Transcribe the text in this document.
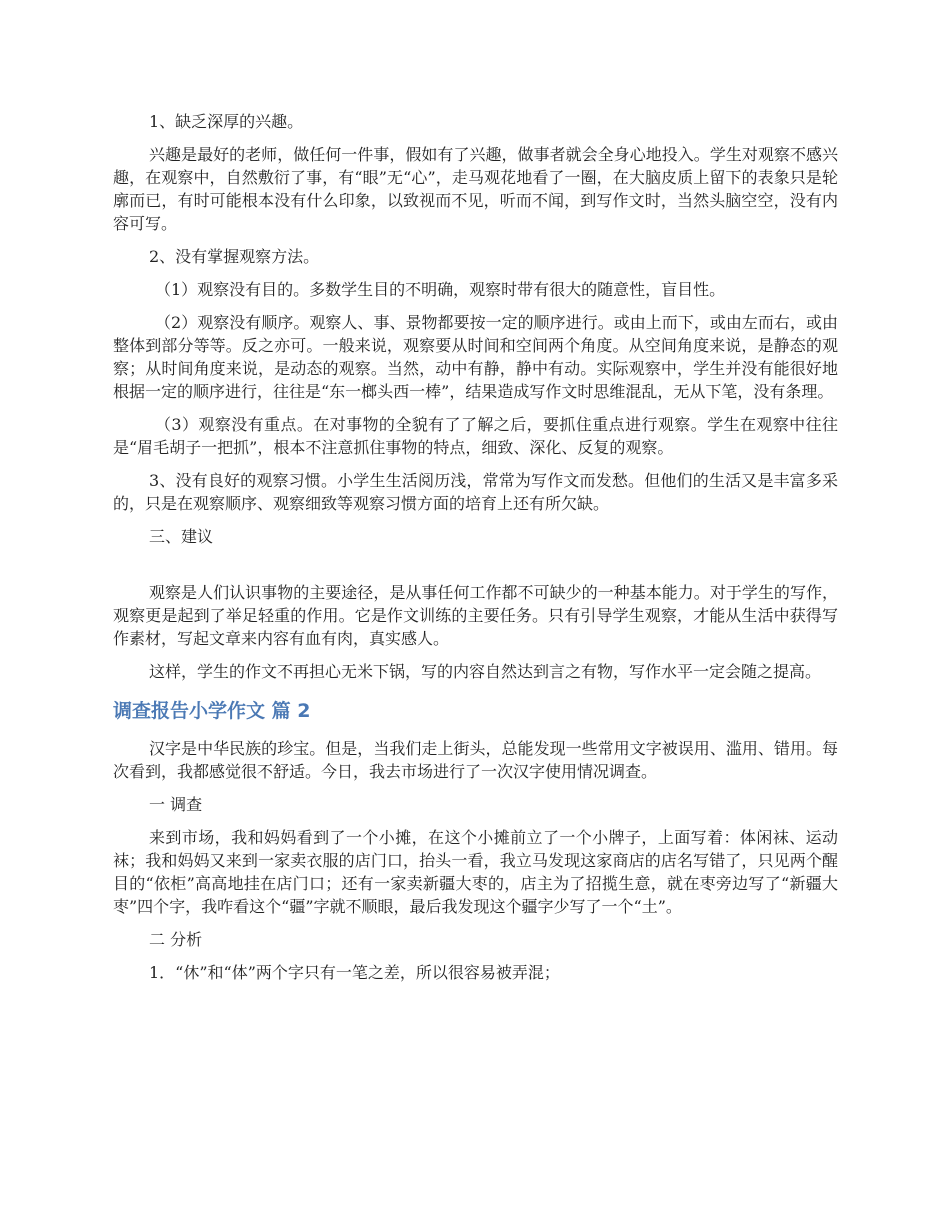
1、缺乏深厚的兴趣。

兴趣是最好的老师，做任何一件事，假如有了兴趣，做事者就会全身心地投入。学生对观察不感兴趣，在观察中，自然敷衍了事，有“眼”无“心”，走马观花地看了一圈，在大脑皮质上留下的表象只是轮廓而已，有时可能根本没有什么印象，以致视而不见，听而不闻，到写作文时，当然头脑空空，没有内容可写。

2、没有掌握观察方法。

（1）观察没有目的。多数学生目的不明确，观察时带有很大的随意性，盲目性。

（2）观察没有顺序。观察人、事、景物都要按一定的顺序进行。或由上而下，或由左而右，或由整体到部分等等。反之亦可。一般来说，观察要从时间和空间两个角度。从空间角度来说，是静态的观察；从时间角度来说，是动态的观察。当然，动中有静，静中有动。实际观察中，学生并没有能很好地根据一定的顺序进行，往往是“东一榔头西一棒”，结果造成写作文时思维混乱，无从下笔，没有条理。

（3）观察没有重点。在对事物的全貌有了了解之后，要抓住重点进行观察。学生在观察中往往是“眉毛胡子一把抓”，根本不注意抓住事物的特点，细致、深化、反复的观察。

3、没有良好的观察习惯。小学生生活阅历浅，常常为写作文而发愁。但他们的生活又是丰富多采的，只是在观察顺序、观察细致等观察习惯方面的培育上还有所欠缺。

三、建议

观察是人们认识事物的主要途径，是从事任何工作都不可缺少的一种基本能力。对于学生的写作，观察更是起到了举足轻重的作用。它是作文训练的主要任务。只有引导学生观察，才能从生活中获得写作素材，写起文章来内容有血有肉，真实感人。

这样，学生的作文不再担心无米下锅，写的内容自然达到言之有物，写作水平一定会随之提高。

调查报告小学作文 篇 2

汉字是中华民族的珍宝。但是，当我们走上街头，总能发现一些常用文字被误用、滥用、错用。每次看到，我都感觉很不舒适。今日，我去市场进行了一次汉字使用情况调查。

一 调查

来到市场，我和妈妈看到了一个小摊，在这个小摊前立了一个小牌子，上面写着：体闲袜、运动袜；我和妈妈又来到一家卖衣服的店门口，抬头一看，我立马发现这家商店的店名写错了，只见两个醒目的“依柜”高高地挂在店门口；还有一家卖新疆大枣的，店主为了招揽生意，就在枣旁边写了“新疆大枣”四个字，我咋看这个“疆”字就不顺眼，最后我发现这个疆字少写了一个“土”。

二 分析

1．“休”和“体”两个字只有一笔之差，所以很容易被弄混；
